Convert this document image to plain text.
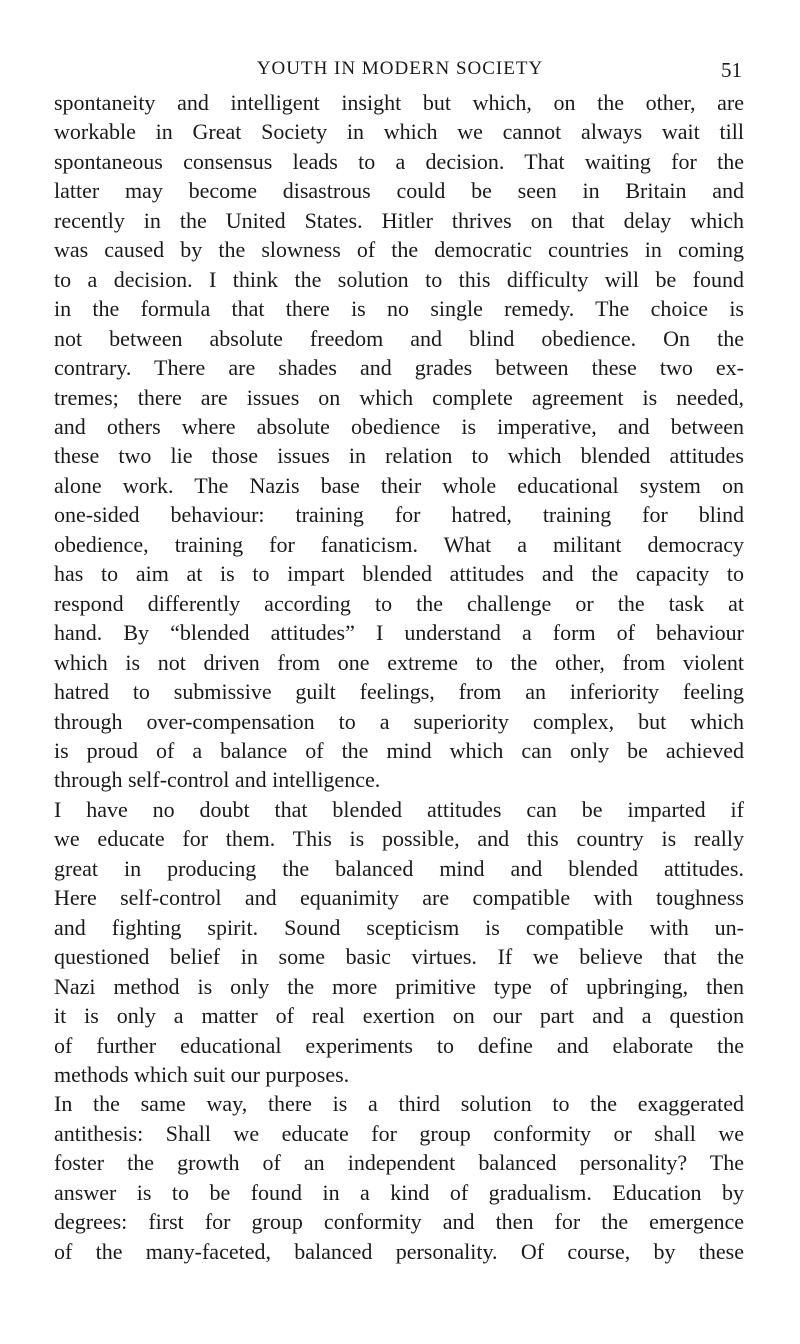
YOUTH IN MODERN SOCIETY	51

spontaneity and intelligent insight but which, on the other, are

workable in Great Society in which we cannot always wait till

spontaneous consensus leads to a decision. That waiting for the

latter may become disastrous could be seen in Britain and

recently in the United States. Hitler thrives on that delay which

was caused by the slowness of the democratic countries in coming

to a decision. I think the solution to this difficulty will be found

in the formula that there is no single remedy. The choice is

not between absolute freedom and blind obedience. On the

contrary. There are shades and grades between these two ex-

tremes; there are issues on which complete agreement is needed,

and others where absolute obedience is imperative, and between

these two lie those issues in relation to which blended attitudes

alone work. The Nazis base their whole educational system on

one-sided behaviour: training for hatred, training for blind

obedience, training for fanaticism. What a militant democracy

has to aim at is to impart blended attitudes and the capacity to

respond differently according to the challenge or the task at

hand. By “blended attitudes” I understand a form of behaviour

which is not driven from one extreme to the other, from violent

hatred to submissive guilt feelings, from an inferiority feeling

through over-compensation to a superiority complex, but which

is proud of a balance of the mind which can only be achieved

through self-control and intelligence.

I have no doubt that blended attitudes can be imparted if

we educate for them. This is possible, and this country is really

great in producing the balanced mind and blended attitudes.

Here self-control and equanimity are compatible with toughness

and fighting spirit. Sound scepticism is compatible with un-

questioned belief in some basic virtues. If we believe that the

Nazi method is only the more primitive type of upbringing, then

it is only a matter of real exertion on our part and a question

of further educational experiments to define and elaborate the

methods which suit our purposes.

In the same way, there is a third solution to the exaggerated

antithesis: Shall we educate for group conformity or shall we

foster the growth of an independent balanced personality? The

answer is to be found in a kind of gradualism. Education by

degrees: first for group conformity and then for the emergence

of the many-faceted, balanced personality. Of course, by these
